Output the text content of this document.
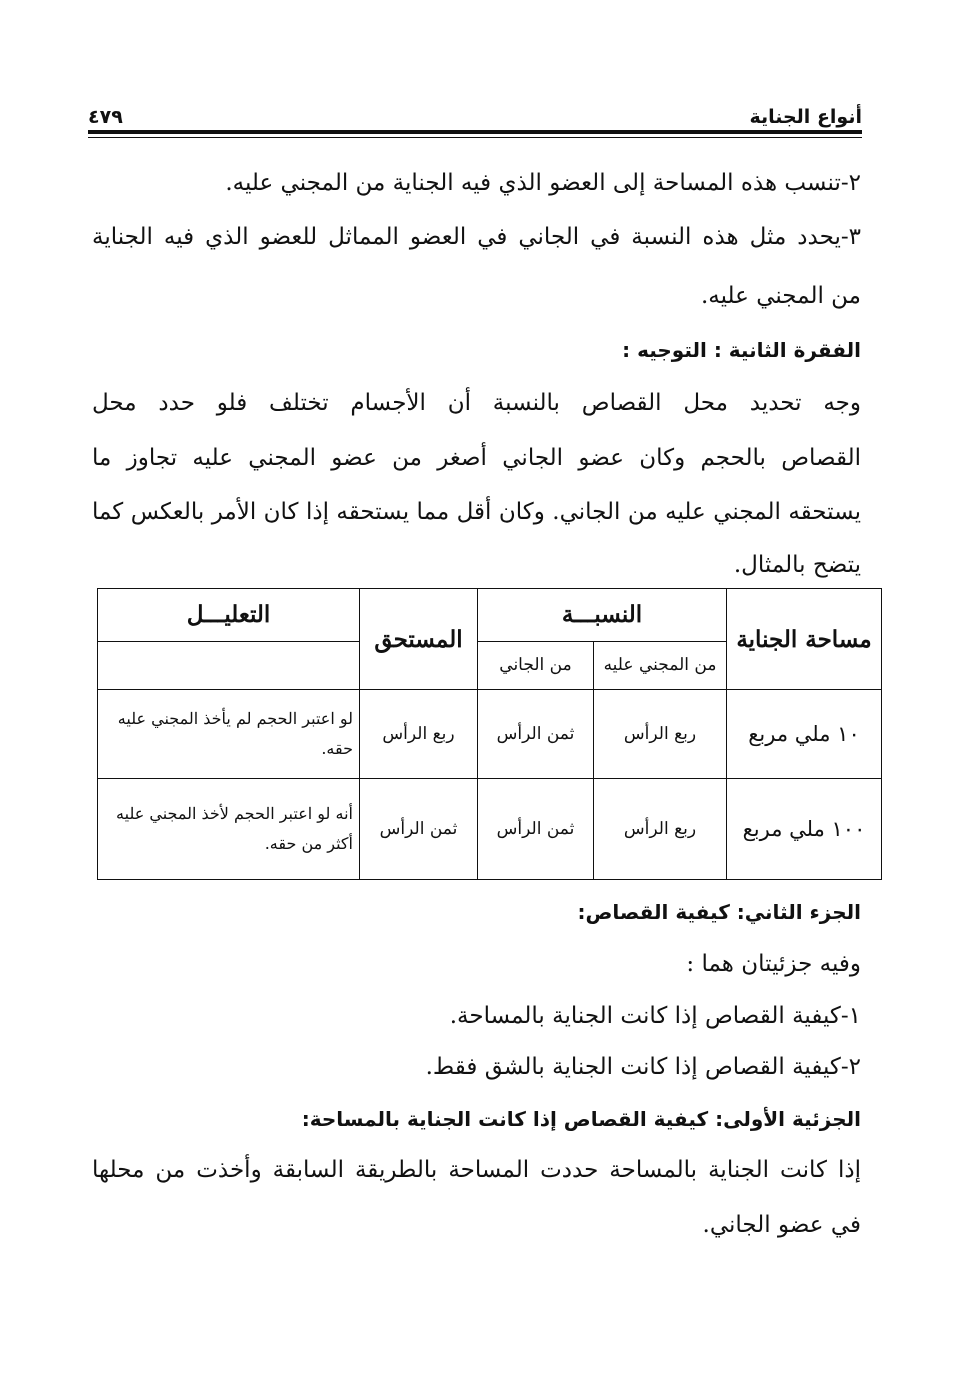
٤٧٩	أنواع الجناية
٢-تنسب هذه المساحة إلى العضو الذي فيه الجناية من المجني عليه.
٣-يحدد مثل هذه النسبة في الجاني في العضو المماثل للعضو الذي فيه الجناية
من المجني عليه.
الفقرة الثانية : التوجيه :
وجه تحديد محل القصاص بالنسبة أن الأجسام تختلف فلو حدد محل
القصاص بالحجم وكان عضو الجاني أصغر من عضو المجني عليه تجاوز ما
يستحقه المجني عليه من الجاني. وكان أقل مما يستحقه إذا كان الأمر بالعكس كما
يتضح بالمثال.
مساحة الجناية	النسبـــة		المستحق	التعليـــل
	من المجني عليه	من الجاني		
١٠ ملي مربع	ربع الرأس	ثمن الرأس	ربع الرأس	لو اعتبر الحجم لم يأخذ المجني عليه حقه.
١٠٠ ملي مربع	ربع الرأس	ثمن الرأس	ثمن الرأس	أنه لو اعتبر الحجم لأخذ المجني عليه أكثر من حقه.
الجزء الثاني: كيفية القصاص:
وفيه جزئيتان هما :
١-كيفية القصاص إذا كانت الجناية بالمساحة.
٢-كيفية القصاص إذا كانت الجناية بالشق فقط.
الجزئية الأولى: كيفية القصاص إذا كانت الجناية بالمساحة:
إذا كانت الجناية بالمساحة حددت المساحة بالطريقة السابقة وأخذت من محلها
في عضو الجاني.
